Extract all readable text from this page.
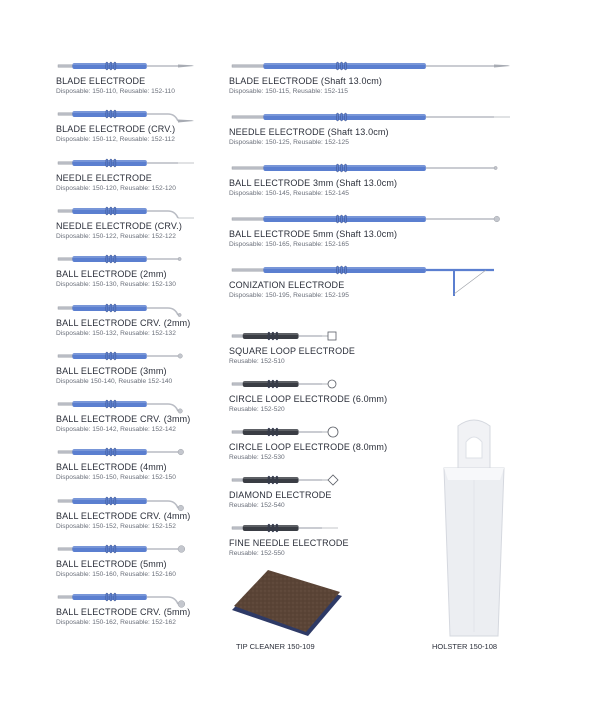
BLADE ELECTRODE
Disposable: 150-110, Reusable: 152-110
BLADE ELECTRODE (CRV.)
Disposable: 150-112, Reusable: 152-112
NEEDLE ELECTRODE
Disposable: 150-120, Reusable: 152-120
NEEDLE ELECTRODE (CRV.)
Disposable: 150-122, Reusable: 152-122
BALL ELECTRODE (2mm)
Disposable: 150-130, Reusable: 152-130
BALL ELECTRODE CRV. (2mm)
Disposable: 150-132, Reusable: 152-132
BALL ELECTRODE (3mm)
Disposable 150-140, Reusable 152-140
BALL ELECTRODE CRV. (3mm)
Disposable: 150-142, Reusable: 152-142
BALL ELECTRODE (4mm)
Disposable: 150-150, Reusable: 152-150
BALL ELECTRODE CRV. (4mm)
Disposable: 150-152, Reusable: 152-152
BALL ELECTRODE (5mm)
Disposable: 150-160, Reusable: 152-160
BALL ELECTRODE CRV. (5mm)
Disposable: 150-162, Reusable: 152-162
BLADE ELECTRODE (Shaft 13.0cm)
Disposable: 150-115, Reusable: 152-115
NEEDLE ELECTRODE (Shaft 13.0cm)
Disposable: 150-125, Reusable: 152-125
BALL ELECTRODE 3mm (Shaft 13.0cm)
Disposable: 150-145, Reusable: 152-145
BALL ELECTRODE 5mm (Shaft 13.0cm)
Disposable: 150-165, Reusable: 152-165
CONIZATION ELECTRODE
Disposable: 150-195, Reusable: 152-195
SQUARE LOOP ELECTRODE
Reusable: 152-510
CIRCLE LOOP ELECTRODE (6.0mm)
Reusable: 152-520
CIRCLE LOOP ELECTRODE (8.0mm)
Reusable: 152-530
DIAMOND ELECTRODE
Reusable: 152-540
FINE NEEDLE ELECTRODE
Reusable: 152-550
TIP CLEANER 150-109	HOLSTER 150-108
